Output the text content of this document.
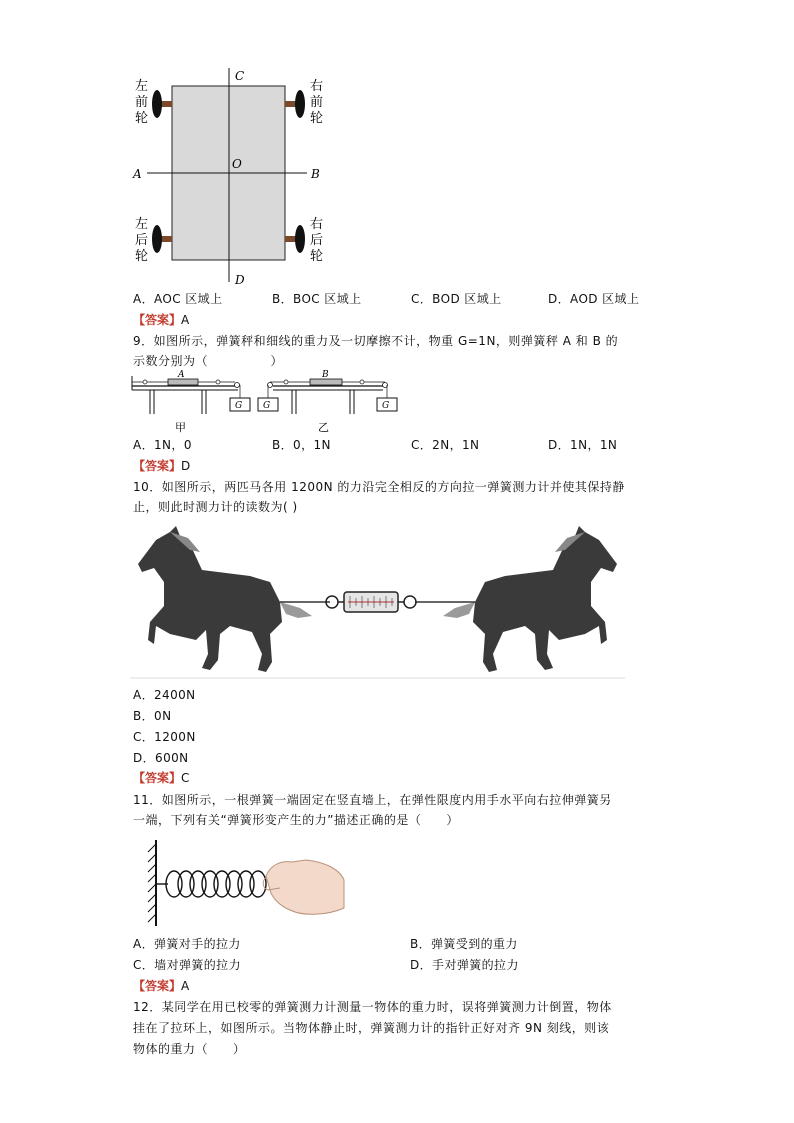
C
O
A	B
D
左
前
轮
右
前
轮
左
后
轮
右
后
轮
A．AOC 区域上	B．BOC 区域上	C．BOD 区域上	D．AOD 区域上
【答案】A
9．如图所示，弹簧秤和细线的重力及一切摩擦不计，物重 G=1N，则弹簧秤 A 和 B 的
示数分别为（　　　　　）
A
G
B
G	G
甲	乙
A．1N，0	B．0，1N	C．2N，1N	D．1N，1N
【答案】D
10．如图所示，两匹马各用 1200N 的力沿完全相反的方向拉一弹簧测力计并使其保持静
止，则此时测力计的读数为( )
A．2400N
B．0N
C．1200N
D．600N
【答案】C
11．如图所示，一根弹簧一端固定在竖直墙上，在弹性限度内用手水平向右拉伸弹簧另
一端，下列有关“弹簧形变产生的力”描述正确的是（　　）
A．弹簧对手的拉力	B．弹簧受到的重力
C．墙对弹簧的拉力	D．手对弹簧的拉力
【答案】A
12．某同学在用已校零的弹簧测力计测量一物体的重力时，误将弹簧测力计倒置，物体
挂在了拉环上，如图所示。当物体静止时，弹簧测力计的指针正好对齐 9N 刻线，则该
物体的重力（　　）
